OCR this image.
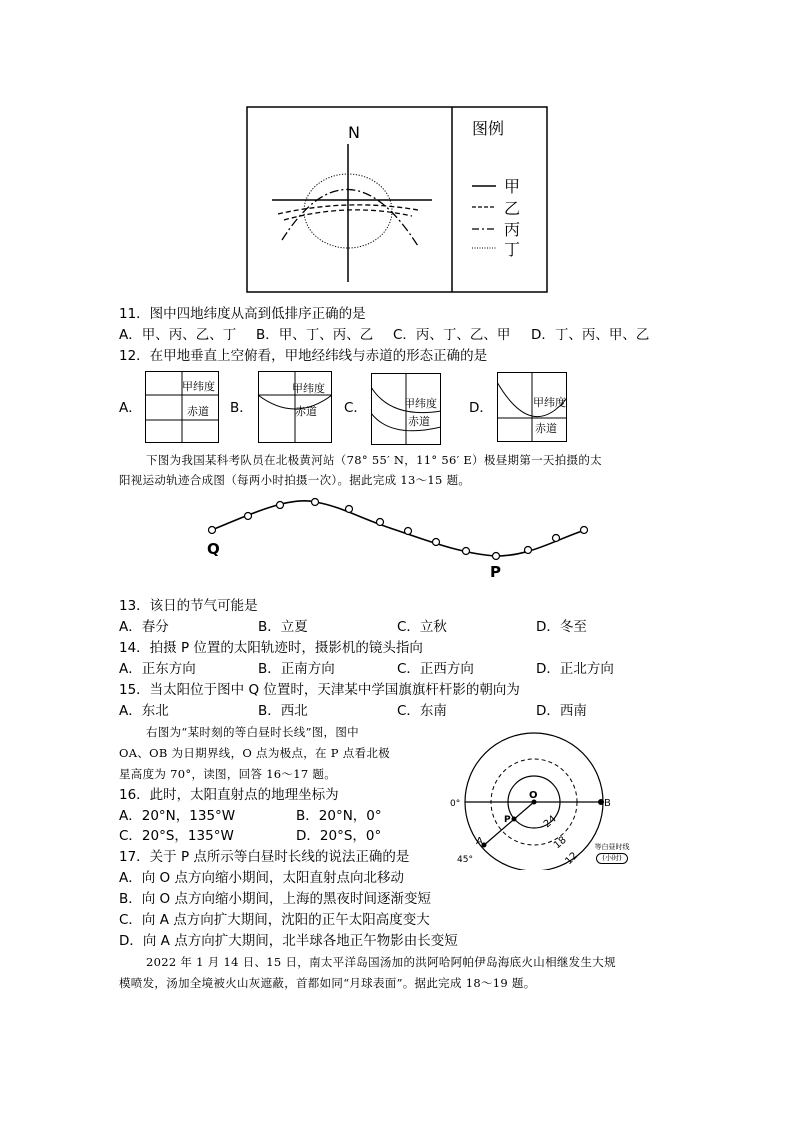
N	图例
甲
乙
丙
丁
11．图中四地纬度从高到低排序正确的是
A．甲、丙、乙、丁 B．甲、丁、丙、乙 C．丙、丁、乙、甲 D．丁、丙、甲、乙
12．在甲地垂直上空俯看，甲地经纬线与赤道的形态正确的是
A．
甲纬度
赤道 B．
甲纬度
赤道 C．	甲纬度
赤道
D．	甲纬度
赤道
下图为我国某科考队员在北极黄河站（78° 55′ N，11° 56′ E）极昼期第一天拍摄的太
阳视运动轨迹合成图（每两小时拍摄一次）。据此完成 13～15 题。
Q
P
13．该日的节气可能是
A．春分	B．立夏	C．立秋	D．冬至
14．拍摄 P 位置的太阳轨迹时，摄影机的镜头指向
A．正东方向	B．正南方向	C．正西方向	D．正北方向
15．当太阳位于图中 Q 位置时，天津某中学国旗旗杆杆影的朝向为
A．东北	B．西北	C．东南	D．西南
右图为“某时刻的等白昼时长线”图，图中
OA、OB 为日期界线，O 点为极点，在 P 点看北极
星高度为 70°，读图，回答 16～17 题。
0°
O
B
P
A
45°
24
18
12
等白昼时线
(小时)
16．此时，太阳直射点的地理坐标为
A．20°N，135°W	B．20°N，0°
C．20°S，135°W	D．20°S，0°
17．关于 P 点所示等白昼时长线的说法正确的是
A．向 O 点方向缩小期间，太阳直射点向北移动
B．向 O 点方向缩小期间，上海的黑夜时间逐渐变短
C．向 A 点方向扩大期间，沈阳的正午太阳高度变大
D．向 A 点方向扩大期间，北半球各地正午物影由长变短
2022 年 1 月 14 日、15 日，南太平洋岛国汤加的洪阿哈阿帕伊岛海底火山相继发生大规
模喷发，汤加全境被火山灰遮蔽，首都如同“月球表面”。据此完成 18～19 题。
